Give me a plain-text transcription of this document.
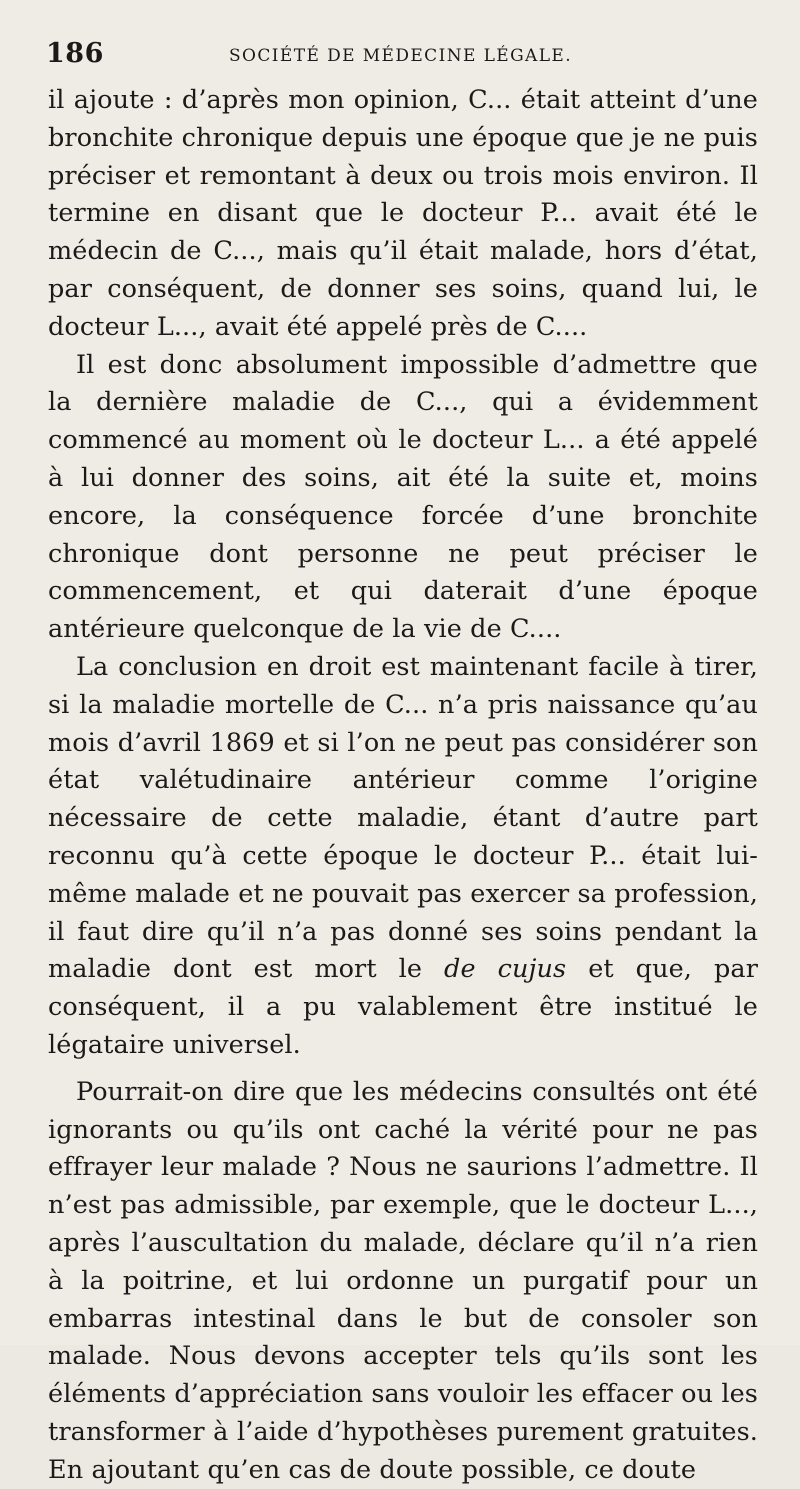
186	SOCIÉTÉ DE MÉDECINE LÉGALE.

il ajoute : d’après mon opinion, C... était atteint d’une bronchite chronique depuis une époque que je ne puis préciser et remontant à deux ou trois mois environ. Il termine en disant que le docteur P... avait été le médecin de C..., mais qu’il était malade, hors d’état, par conséquent, de donner ses soins, quand lui, le docteur L..., avait été appelé près de C....

Il est donc absolument impossible d’admettre que la dernière maladie de C..., qui a évidemment commencé au moment où le docteur L... a été appelé à lui donner des soins, ait été la suite et, moins encore, la conséquence forcée d’une bronchite chronique dont personne ne peut préciser le commencement, et qui daterait d’une époque antérieure quelconque de la vie de C....

La conclusion en droit est maintenant facile à tirer, si la maladie mortelle de C... n’a pris naissance qu’au mois d’avril 1869 et si l’on ne peut pas considérer son état valétudinaire antérieur comme l’origine nécessaire de cette maladie, étant d’autre part reconnu qu’à cette époque le docteur P... était lui-même malade et ne pouvait pas exercer sa profession, il faut dire qu’il n’a pas donné ses soins pendant la maladie dont est mort le de cujus et que, par conséquent, il a pu valablement être institué le légataire universel.

Pourrait-on dire que les médecins consultés ont été ignorants ou qu’ils ont caché la vérité pour ne pas effrayer leur malade ? Nous ne saurions l’admettre. Il n’est pas admissible, par exemple, que le docteur L..., après l’auscultation du malade, déclare qu’il n’a rien à la poitrine, et lui ordonne un purgatif pour un embarras intestinal dans le but de consoler son malade. Nous devons accepter tels qu’ils sont les éléments d’appréciation sans vouloir les effacer ou les transformer à l’aide d’hypothèses purement gratuites. En ajoutant qu’en cas de doute possible, ce doute
